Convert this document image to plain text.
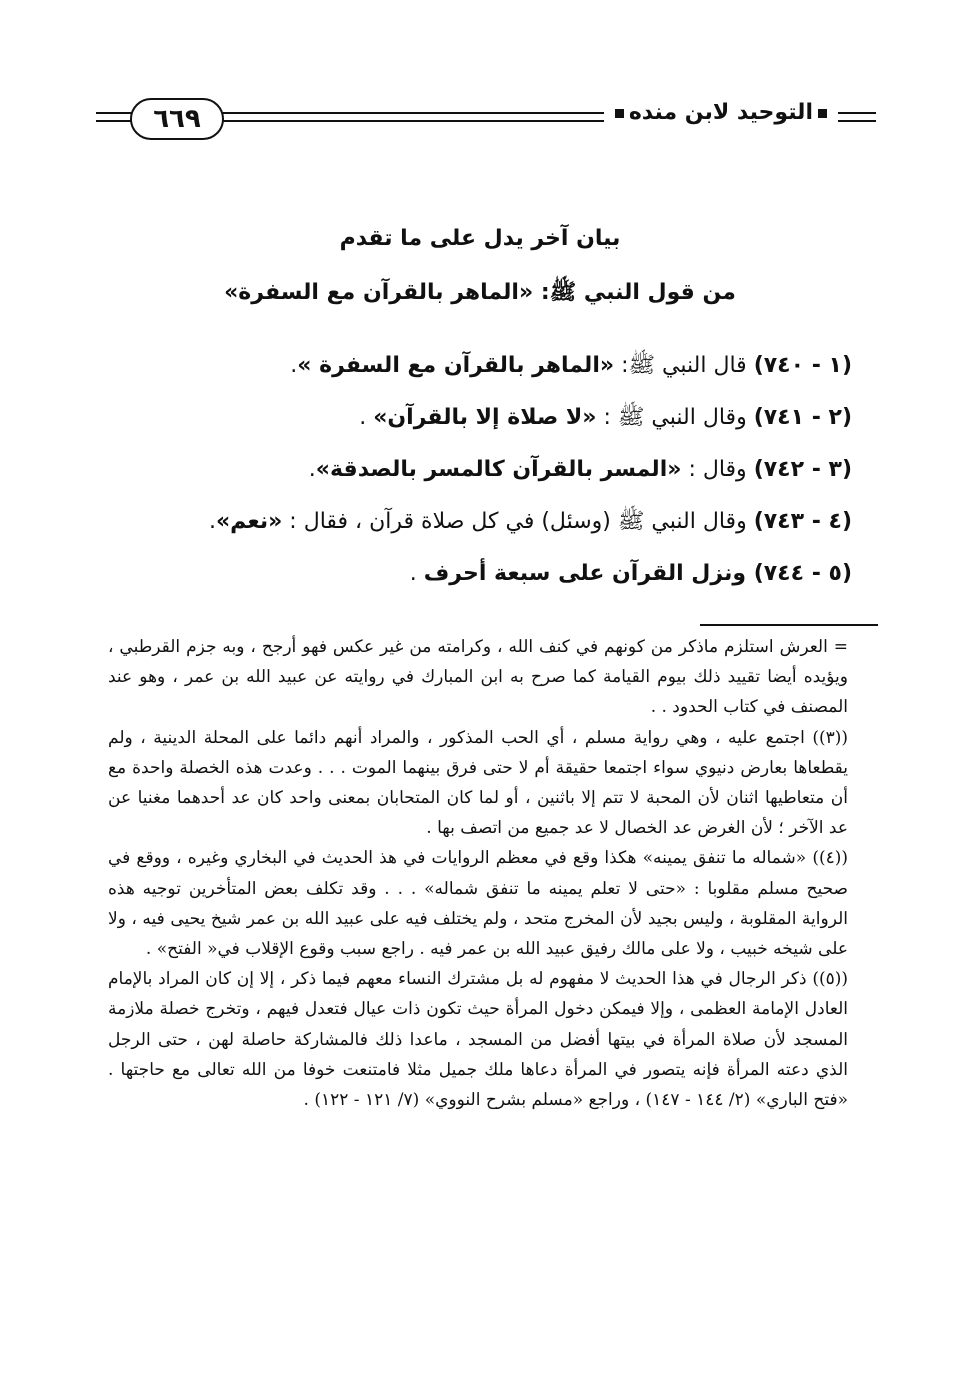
٦٦٩	التوحيد لابن منده
بيان آخر يدل على ما تقدم
من قول النبي ﷺ: «الماهر بالقرآن مع السفرة»
(١ - ٧٤٠) قال النبي ﷺ: «الماهر بالقرآن مع السفرة ».
(٢ - ٧٤١) وقال النبي ﷺ : «لا صلاة إلا بالقرآن» .
(٣ - ٧٤٢) وقال : «المسر بالقرآن كالمسر بالصدقة».
(٤ - ٧٤٣) وقال النبي ﷺ (وسئل) في كل صلاة قرآن ، فقال : «نعم».
(٥ - ٧٤٤) ونزل القرآن على سبعة أحرف .

= العرش استلزم ماذكر من كونهم في كنف الله ، وكرامته من غير عكس فهو أرجح ، وبه جزم القرطبي ، ويؤيده أيضا تقييد ذلك بيوم القيامة كما صرح به ابن المبارك في روايته عن عبيد الله بن عمر ، وهو عند المصنف في كتاب الحدود . .

((٣)) اجتمع عليه ، وهي رواية مسلم ، أي الحب المذكور ، والمراد أنهم دائما على المحلة الدينية ، ولم يقطعاها بعارض دنيوي سواء اجتمعا حقيقة أم لا حتى فرق بينهما الموت . . . وعدت هذه الخصلة واحدة مع أن متعاطيها اثنان لأن المحبة لا تتم إلا باثنين ، أو لما كان المتحابان بمعنى واحد كان عد أحدهما مغنيا عن عد الآخر ؛ لأن الغرض عد الخصال لا عد جميع من اتصف بها .

((٤)) «شماله ما تنفق يمينه» هكذا وقع في معظم الروايات في هذ الحديث في البخاري وغيره ، ووقع في صحيح مسلم مقلوبا : «حتى لا تعلم يمينه ما تنفق شماله» . . . وقد تكلف بعض المتأخرين توجيه هذه الرواية المقلوبة ، وليس بجيد لأن المخرج متحد ، ولم يختلف فيه على عبيد الله بن عمر شيخ يحيى فيه ، ولا على شيخه خبيب ، ولا على مالك رفيق عبيد الله بن عمر فيه . راجع سبب وقوع الإقلاب في« الفتح» .

((٥)) ذكر الرجال في هذا الحديث لا مفهوم له بل مشترك النساء معهم فيما ذكر ، إلا إن كان المراد بالإمام العادل الإمامة العظمى ، وإلا فيمكن دخول المرأة حيث تكون ذات عيال فتعدل فيهم ، وتخرج خصلة ملازمة المسجد لأن صلاة المرأة في بيتها أفضل من المسجد ، ماعدا ذلك فالمشاركة حاصلة لهن ، حتى الرجل الذي دعته المرأة فإنه يتصور في المرأة دعاها ملك جميل مثلا فامتنعت خوفا من الله تعالى مع حاجتها . «فتح الباري» (٢/ ١٤٤ - ١٤٧) ، وراجع «مسلم بشرح النووي» (٧/ ١٢١ - ١٢٢) .
